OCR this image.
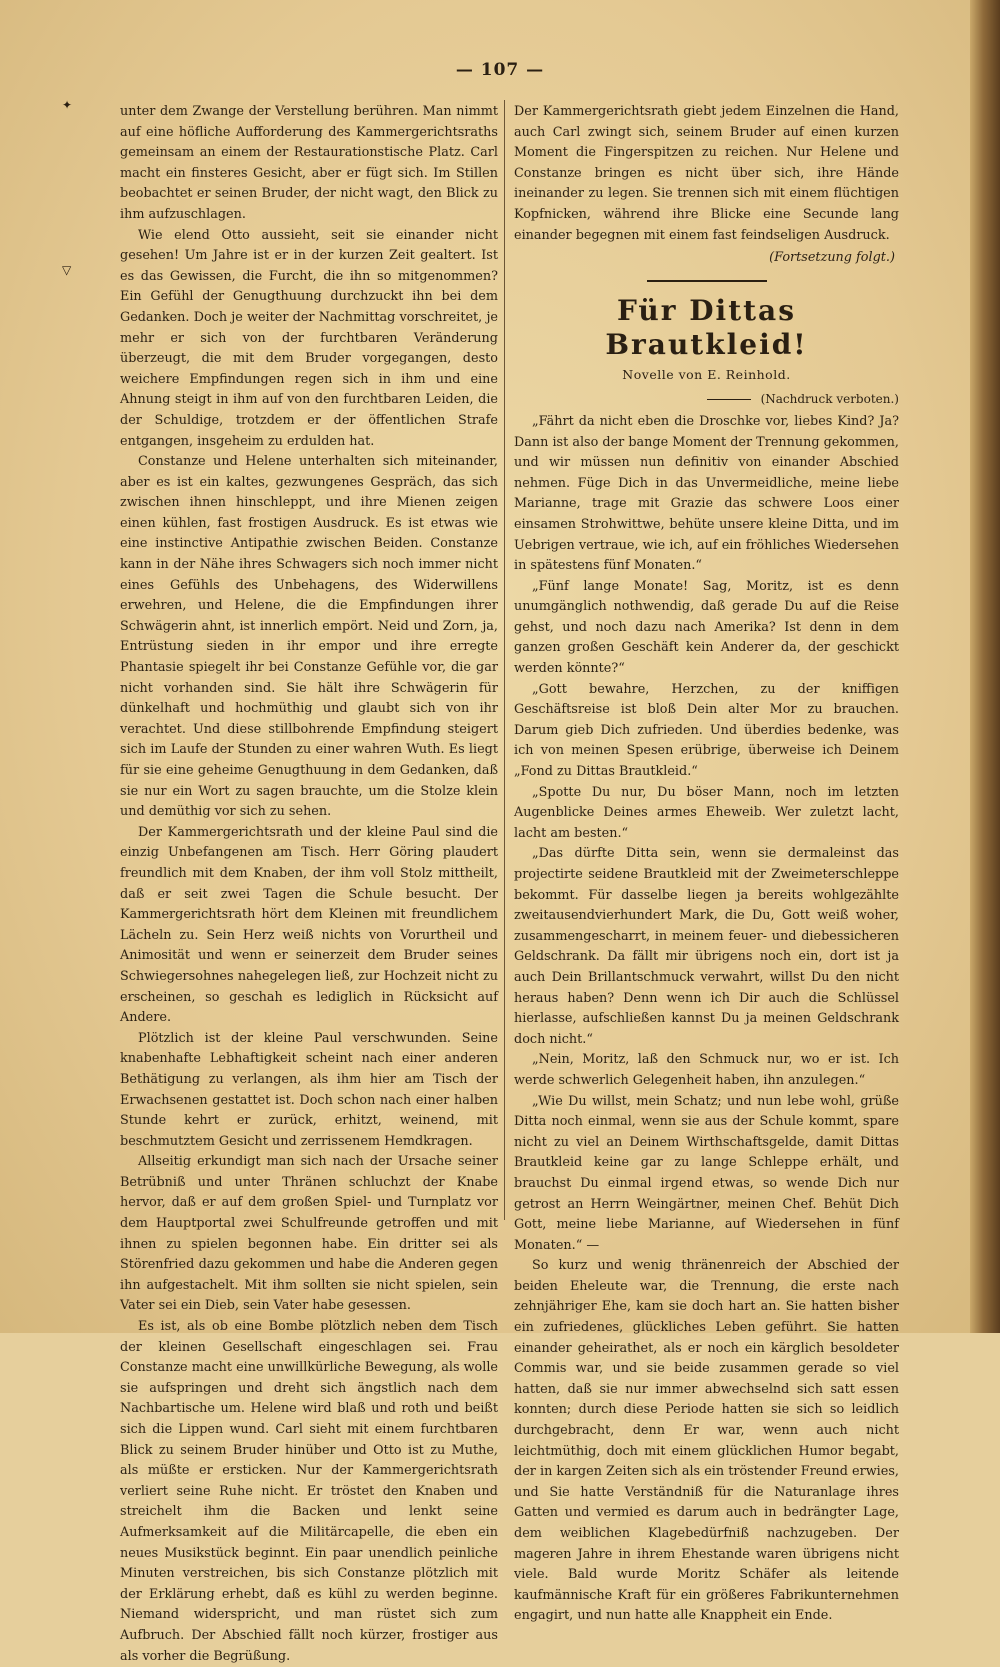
✦
▽
— 107 —

unter dem Zwange der Verstellung berühren. Man nimmt auf eine höfliche Aufforderung des Kammergerichtsraths gemeinsam an einem der Restaurationstische Platz. Carl macht ein finsteres Gesicht, aber er fügt sich. Im Stillen beobachtet er seinen Bruder, der nicht wagt, den Blick zu ihm aufzuschlagen.

Wie elend Otto aussieht, seit sie einander nicht gesehen! Um Jahre ist er in der kurzen Zeit gealtert. Ist es das Gewissen, die Furcht, die ihn so mitgenommen? Ein Gefühl der Genugthuung durchzuckt ihn bei dem Gedanken. Doch je weiter der Nachmittag vorschreitet, je mehr er sich von der furchtbaren Veränderung überzeugt, die mit dem Bruder vorgegangen, desto weichere Empfindungen regen sich in ihm und eine Ahnung steigt in ihm auf von den furchtbaren Leiden, die der Schuldige, trotzdem er der öffentlichen Strafe entgangen, insgeheim zu erdulden hat.

Constanze und Helene unterhalten sich miteinander, aber es ist ein kaltes, gezwungenes Gespräch, das sich zwischen ihnen hinschleppt, und ihre Mienen zeigen einen kühlen, fast frostigen Ausdruck. Es ist etwas wie eine instinctive Antipathie zwischen Beiden. Constanze kann in der Nähe ihres Schwagers sich noch immer nicht eines Gefühls des Unbehagens, des Widerwillens erwehren, und Helene, die die Empfindungen ihrer Schwägerin ahnt, ist innerlich empört. Neid und Zorn, ja, Entrüstung sieden in ihr empor und ihre erregte Phantasie spiegelt ihr bei Constanze Gefühle vor, die gar nicht vorhanden sind. Sie hält ihre Schwägerin für dünkelhaft und hochmüthig und glaubt sich von ihr verachtet. Und diese stillbohrende Empfindung steigert sich im Laufe der Stunden zu einer wahren Wuth. Es liegt für sie eine geheime Genugthuung in dem Gedanken, daß sie nur ein Wort zu sagen brauchte, um die Stolze klein und demüthig vor sich zu sehen.

Der Kammergerichtsrath und der kleine Paul sind die einzig Unbefangenen am Tisch. Herr Göring plaudert freundlich mit dem Knaben, der ihm voll Stolz mittheilt, daß er seit zwei Tagen die Schule besucht. Der Kammergerichtsrath hört dem Kleinen mit freundlichem Lächeln zu. Sein Herz weiß nichts von Vorurtheil und Animosität und wenn er seinerzeit dem Bruder seines Schwiegersohnes nahegelegen ließ, zur Hochzeit nicht zu erscheinen, so geschah es lediglich in Rücksicht auf Andere.

Plötzlich ist der kleine Paul verschwunden. Seine knabenhafte Lebhaftigkeit scheint nach einer anderen Bethätigung zu verlangen, als ihm hier am Tisch der Erwachsenen gestattet ist. Doch schon nach einer halben Stunde kehrt er zurück, erhitzt, weinend, mit beschmutztem Gesicht und zerrissenem Hemdkragen.

Allseitig erkundigt man sich nach der Ursache seiner Betrübniß und unter Thränen schluchzt der Knabe hervor, daß er auf dem großen Spiel- und Turnplatz vor dem Hauptportal zwei Schulfreunde getroffen und mit ihnen zu spielen begonnen habe. Ein dritter sei als Störenfried dazu gekommen und habe die Anderen gegen ihn aufgestachelt. Mit ihm sollten sie nicht spielen, sein Vater sei ein Dieb, sein Vater habe gesessen.

Es ist, als ob eine Bombe plötzlich neben dem Tisch der kleinen Gesellschaft eingeschlagen sei. Frau Constanze macht eine unwillkürliche Bewegung, als wolle sie aufspringen und dreht sich ängstlich nach dem Nachbartische um. Helene wird blaß und roth und beißt sich die Lippen wund. Carl sieht mit einem furchtbaren Blick zu seinem Bruder hinüber und Otto ist zu Muthe, als müßte er ersticken. Nur der Kammergerichtsrath verliert seine Ruhe nicht. Er tröstet den Knaben und streichelt ihm die Backen und lenkt seine Aufmerksamkeit auf die Militärcapelle, die eben ein neues Musikstück beginnt. Ein paar unendlich peinliche Minuten verstreichen, bis sich Constanze plötzlich mit der Erklärung erhebt, daß es kühl zu werden beginne. Niemand widerspricht, und man rüstet sich zum Aufbruch. Der Abschied fällt noch kürzer, frostiger aus als vorher die Begrüßung.

Der Kammergerichtsrath giebt jedem Einzelnen die Hand, auch Carl zwingt sich, seinem Bruder auf einen kurzen Moment die Fingerspitzen zu reichen. Nur Helene und Constanze bringen es nicht über sich, ihre Hände ineinander zu legen. Sie trennen sich mit einem flüchtigen Kopfnicken, während ihre Blicke eine Secunde lang einander begegnen mit einem fast feindseligen Ausdruck.

(Fortsetzung folgt.)
Für Dittas Brautkleid!
Novelle von E. Reinhold.
(Nachdruck verboten.)

„Fährt da nicht eben die Droschke vor, liebes Kind? Ja? Dann ist also der bange Moment der Trennung gekommen, und wir müssen nun definitiv von einander Abschied nehmen. Füge Dich in das Unvermeidliche, meine liebe Marianne, trage mit Grazie das schwere Loos einer einsamen Strohwittwe, behüte unsere kleine Ditta, und im Uebrigen vertraue, wie ich, auf ein fröhliches Wiedersehen in spätestens fünf Monaten.“

„Fünf lange Monate! Sag, Moritz, ist es denn unumgänglich nothwendig, daß gerade Du auf die Reise gehst, und noch dazu nach Amerika? Ist denn in dem ganzen großen Geschäft kein Anderer da, der geschickt werden könnte?“

„Gott bewahre, Herzchen, zu der kniffigen Geschäftsreise ist bloß Dein alter Mor zu brauchen. Darum gieb Dich zufrieden. Und überdies bedenke, was ich von meinen Spesen erübrige, überweise ich Deinem „Fond zu Dittas Brautkleid.“

„Spotte Du nur, Du böser Mann, noch im letzten Augenblicke Deines armes Eheweib. Wer zuletzt lacht, lacht am besten.“

„Das dürfte Ditta sein, wenn sie dermaleinst das projectirte seidene Brautkleid mit der Zweimeterschleppe bekommt. Für dasselbe liegen ja bereits wohlgezählte zweitausendvierhundert Mark, die Du, Gott weiß woher, zusammengescharrt, in meinem feuer- und diebessicheren Geldschrank. Da fällt mir übrigens noch ein, dort ist ja auch Dein Brillantschmuck verwahrt, willst Du den nicht heraus haben? Denn wenn ich Dir auch die Schlüssel hierlasse, aufschließen kannst Du ja meinen Geldschrank doch nicht.“

„Nein, Moritz, laß den Schmuck nur, wo er ist. Ich werde schwerlich Gelegenheit haben, ihn anzulegen.“

„Wie Du willst, mein Schatz; und nun lebe wohl, grüße Ditta noch einmal, wenn sie aus der Schule kommt, spare nicht zu viel an Deinem Wirthschaftsgelde, damit Dittas Brautkleid keine gar zu lange Schleppe erhält, und brauchst Du einmal irgend etwas, so wende Dich nur getrost an Herrn Weingärtner, meinen Chef. Behüt Dich Gott, meine liebe Marianne, auf Wiedersehen in fünf Monaten.“ —

So kurz und wenig thränenreich der Abschied der beiden Eheleute war, die Trennung, die erste nach zehnjähriger Ehe, kam sie doch hart an. Sie hatten bisher ein zufriedenes, glückliches Leben geführt. Sie hatten einander geheirathet, als er noch ein kärglich besoldeter Commis war, und sie beide zusammen gerade so viel hatten, daß sie nur immer abwechselnd sich satt essen konnten; durch diese Periode hatten sie sich so leidlich durchgebracht, denn Er war, wenn auch nicht leichtmüthig, doch mit einem glücklichen Humor begabt, der in kargen Zeiten sich als ein tröstender Freund erwies, und Sie hatte Verständniß für die Naturanlage ihres Gatten und vermied es darum auch in bedrängter Lage, dem weiblichen Klagebedürfniß nachzugeben. Der mageren Jahre in ihrem Ehestande waren übrigens nicht viele. Bald wurde Moritz Schäfer als leitende kaufmännische Kraft für ein größeres Fabrikunternehmen engagirt, und nun hatte alle Knappheit ein Ende.
